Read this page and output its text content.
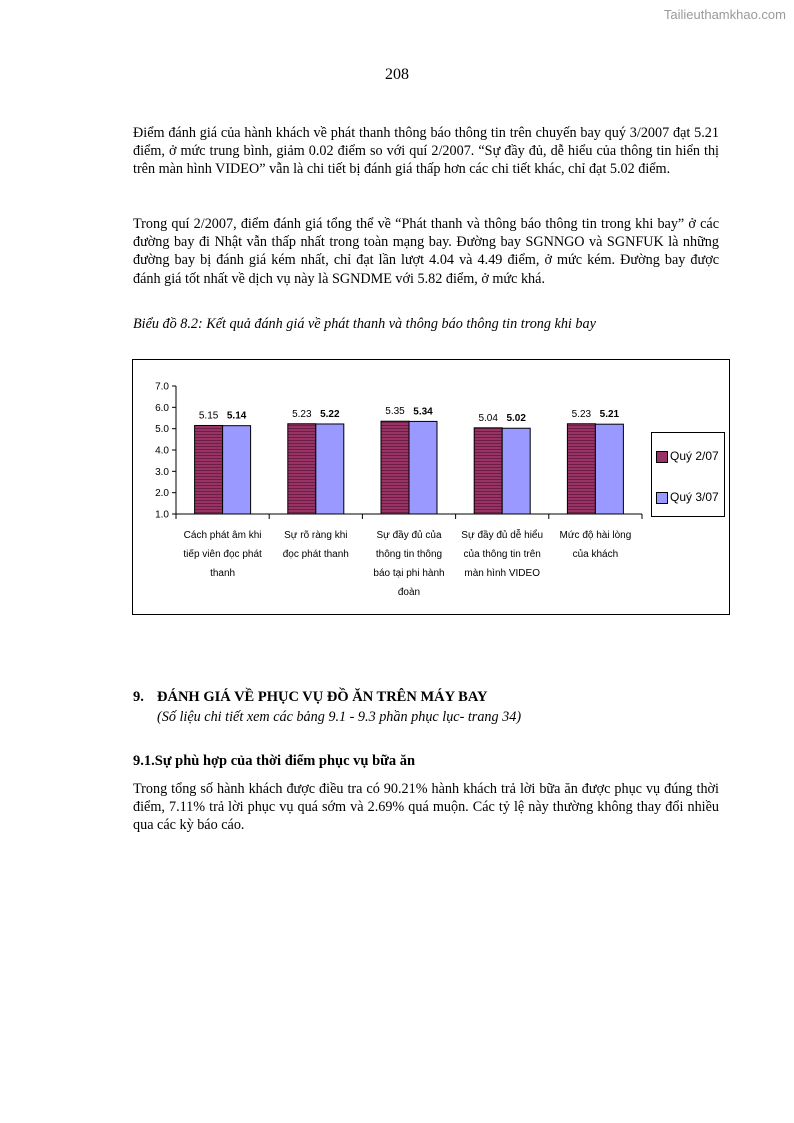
Tailieuthamkhao.com
208

Điểm đánh giá của hành khách về phát thanh thông báo thông tin trên chuyến bay quý 3/2007 đạt 5.21 điểm, ở mức trung bình, giảm 0.02 điểm so với quí 2/2007. “Sự đầy đủ, dễ hiểu của thông tin hiển thị trên màn hình VIDEO” vẫn là chi tiết bị đánh giá thấp hơn các chi tiết khác, chỉ đạt 5.02 điểm.

Trong quí 2/2007, điểm đánh giá tổng thể về “Phát thanh và thông báo thông tin trong khi bay” ở các đường bay đi Nhật vẫn thấp nhất trong toàn mạng bay. Đường bay SGNNGO và SGNFUK là những đường bay bị đánh giá kém nhất, chỉ đạt lần lượt 4.04 và 4.49 điểm, ở mức kém. Đường bay được đánh giá tốt nhất về dịch vụ này là SGNDME với 5.82 điểm, ở mức khá.

Biểu đồ 8.2: Kết quả đánh giá về phát thanh và thông báo thông tin trong khi bay
1.0
2.0
3.0
4.0
5.0
6.0
7.0
5.15 5.14	5.23 5.22	5.35 5.34
5.04 5.02	5.23 5.21
Quý 2/07
Quý 3/07
Cách phát âm khi
tiếp viên đọc phát
thanh
Sự rõ ràng khi
đọc phát thanh
Sự đầy đủ của
thông tin thông
báo tại phi hành
đoàn
Sự đầy đủ dễ hiểu
của thông tin trên
màn hình VIDEO
Mức độ hài lòng
của khách
9. ĐÁNH GIÁ VỀ PHỤC VỤ ĐỒ ĂN TRÊN MÁY BAY
(Số liệu chi tiết xem các bảng 9.1 - 9.3 phần phục lục- trang 34)
9.1.Sự phù hợp của thời điểm phục vụ bữa ăn

Trong tổng số hành khách được điều tra có 90.21% hành khách trả lời bữa ăn được phục vụ đúng thời điểm, 7.11% trả lời phục vụ quá sớm và 2.69% quá muộn. Các tỷ lệ này thường không thay đổi nhiều qua các kỳ báo cáo.
